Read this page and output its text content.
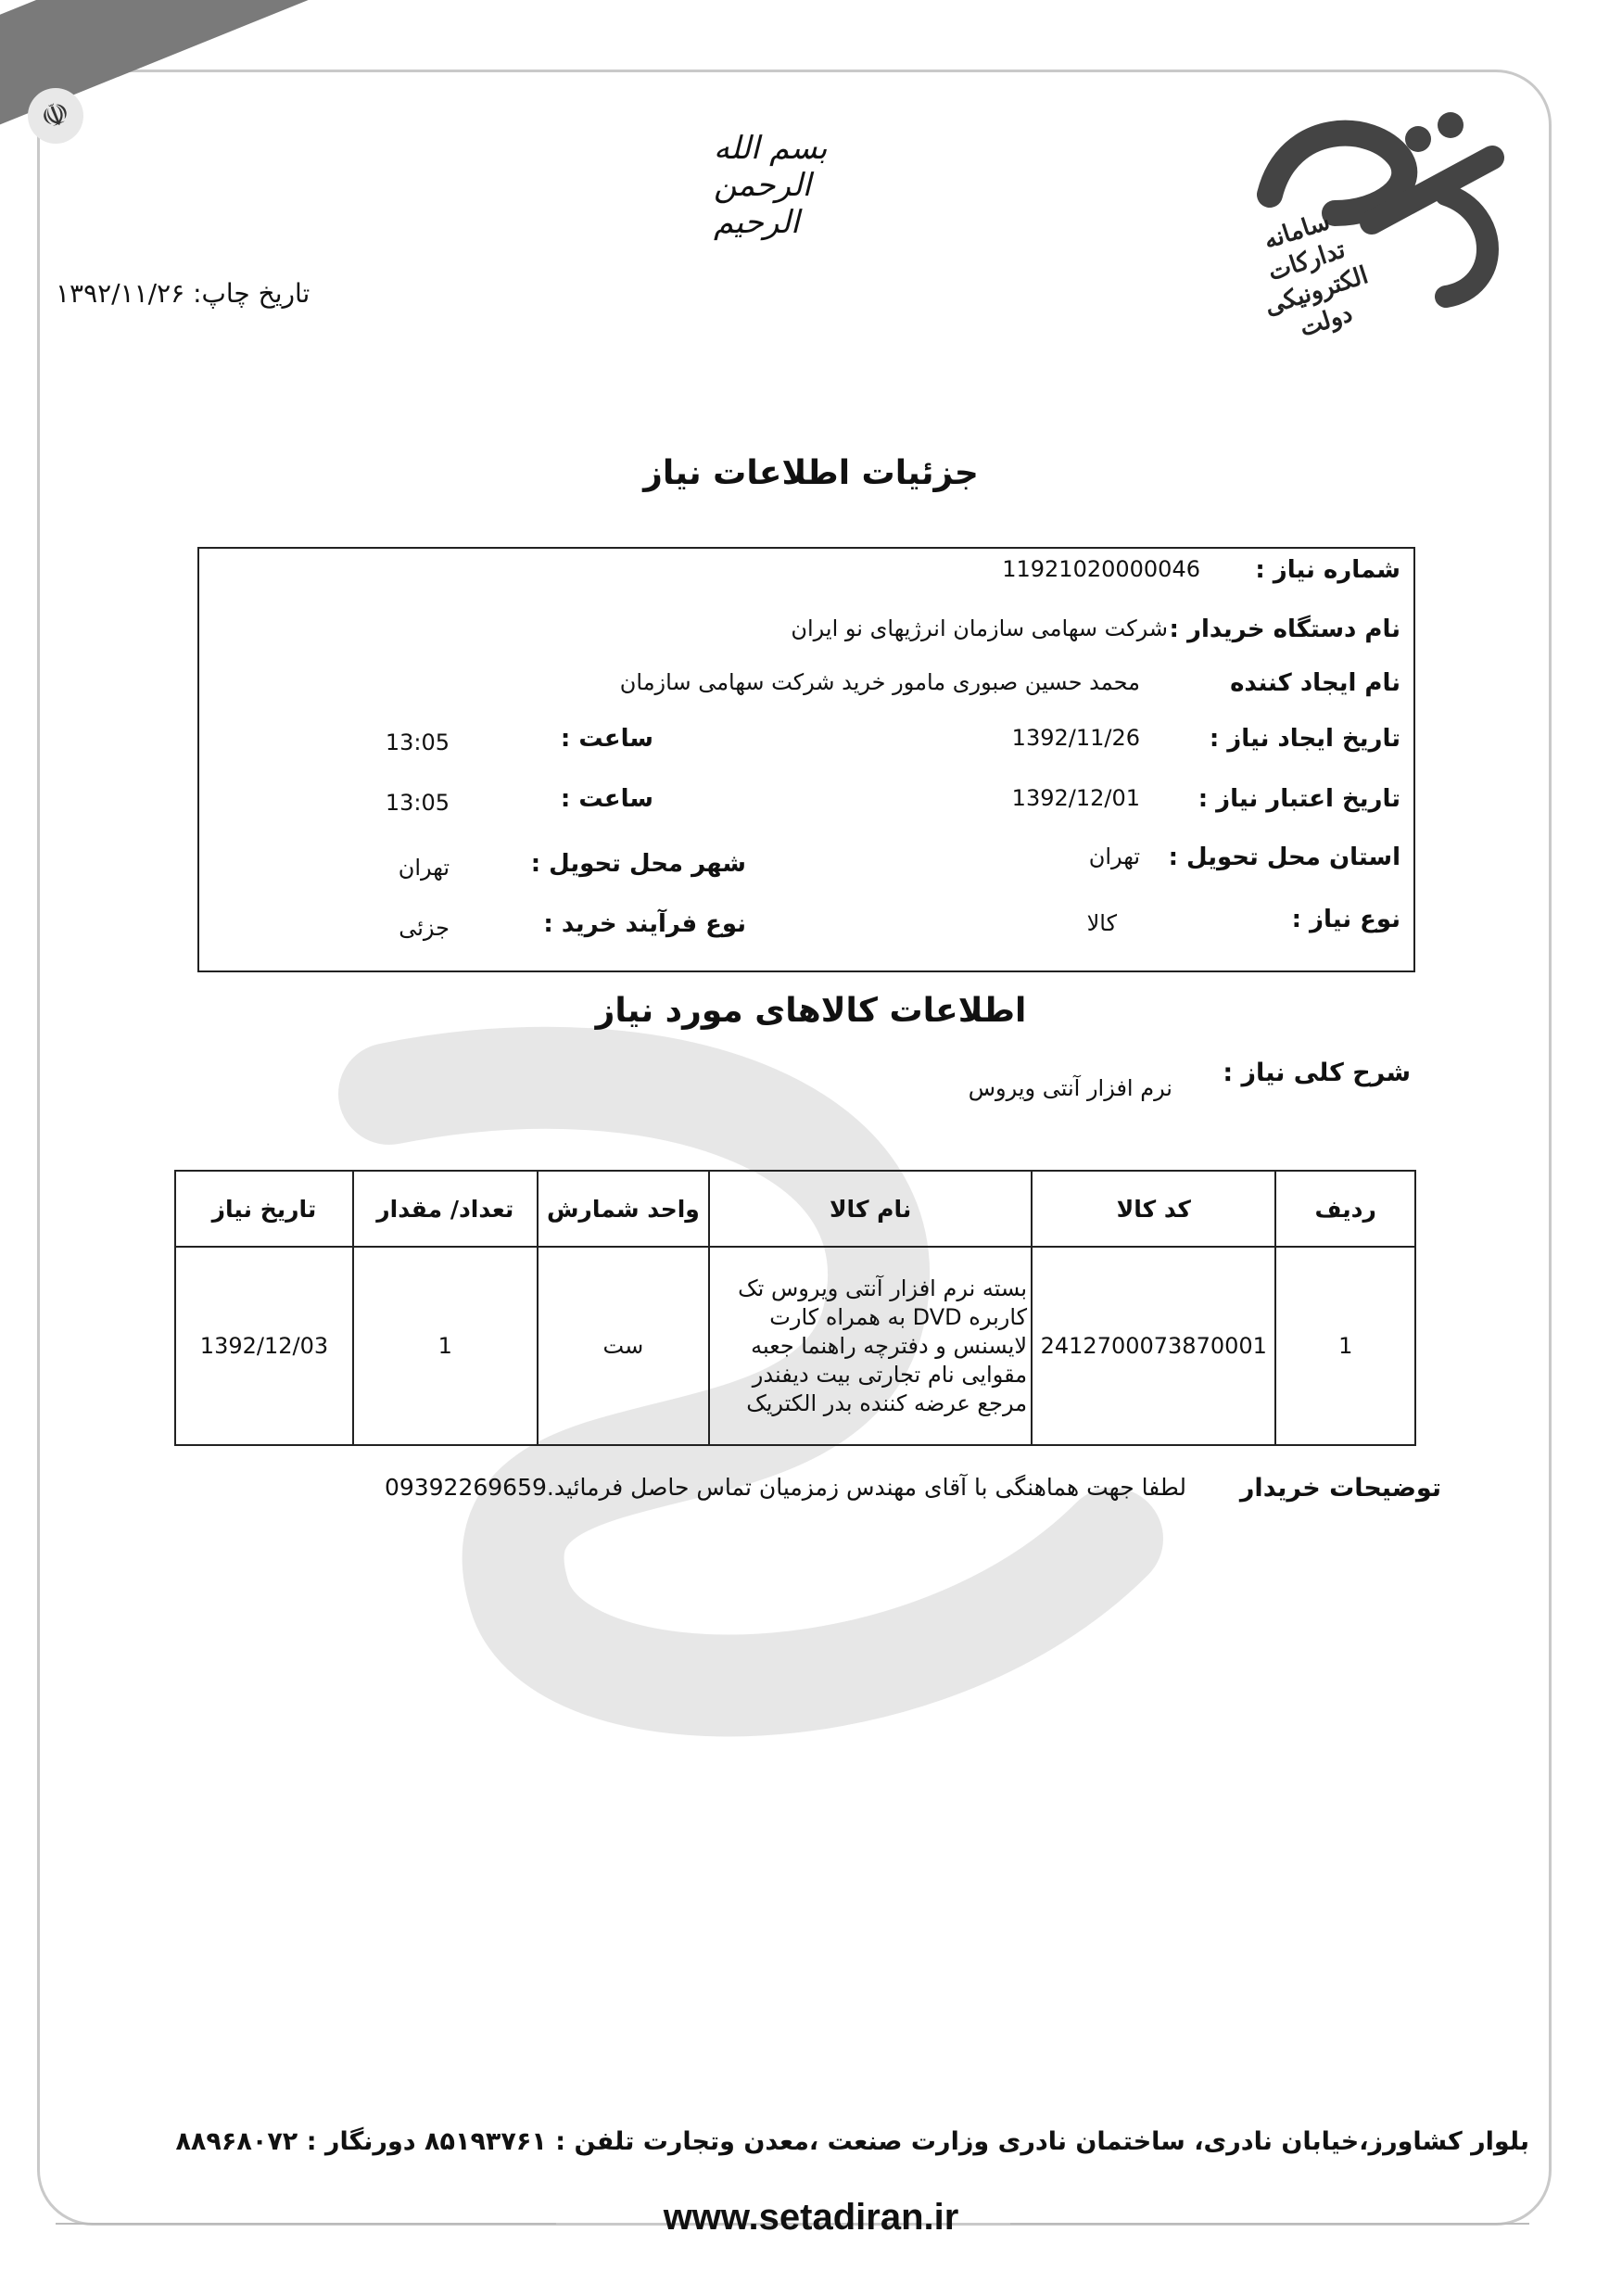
☫
بسم الله الرحمن الرحیم	سامانه تدارکات الکترونیکی دولت
تاریخ چاپ: ۱۳۹۲/۱۱/۲۶
جزئیات اطلاعات نیاز
شماره نیاز :
11921020000046
نام دستگاه خریدار :
شرکت سهامی سازمان انرژیهای نو ایران
نام ایجاد کننده
محمد حسین صبوری مامور خرید شرکت سهامی سازمان
تاریخ ایجاد نیاز :
1392/11/26
ساعت :
13:05
تاریخ اعتبار نیاز :
1392/12/01
ساعت :
13:05
استان محل تحویل :
تهران
شهر محل تحویل :
تهران
نوع نیاز :
کالا
نوع فرآیند خرید :
جزئی
اطلاعات کالاهای مورد نیاز
شرح کلی نیاز :
نرم افزار آنتی ویروس
ردیف	کد کالا	نام کالا	واحد شمارش	تعداد/ مقدار	تاریخ نیاز
1	2412700073870001	بسته نرم افزار آنتی ویروس تک کاربره DVD به همراه کارت لایسنس و دفترچه راهنما جعبه مقوایی نام تجارتی بیت دیفندر مرجع عرضه کننده بدر الکتریک	ست	1	1392/12/03
توضیحات خریدار
لطفا جهت هماهنگی با آقای مهندس زمزمیان تماس حاصل فرمائید.09392269659
بلوار کشاورز،خیابان نادری، ساختمان نادری وزارت صنعت ،معدن وتجارت تلفن : ۸۵۱۹۳۷۶۱ دورنگار : ۸۸۹۶۸۰۷۲
www.setadiran.ir
